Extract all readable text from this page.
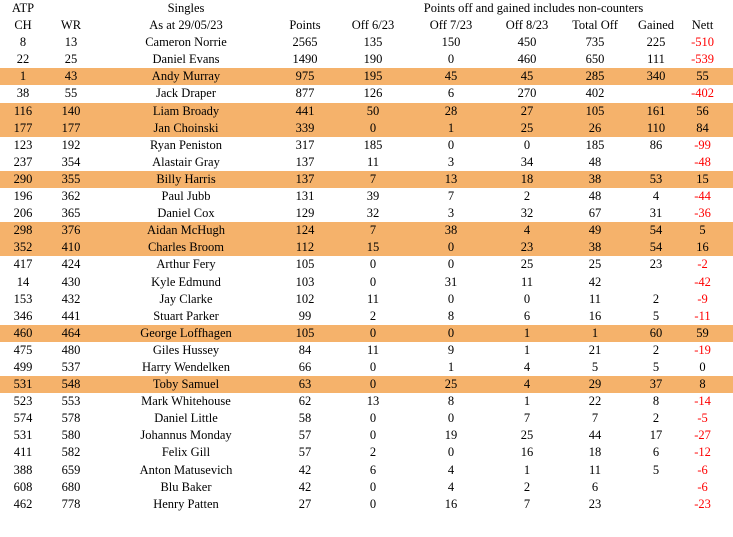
ATP		Singles		Points off and gained includes non-counters					
CH	WR	As at 29/05/23	Points	Off 6/23	Off 7/23	Off 8/23	Total Off	Gained	Nett
8	13	Cameron Norrie	2565	135	150	450	735	225	-510
22	25	Daniel Evans	1490	190	0	460	650	111	-539
1	43	Andy Murray	975	195	45	45	285	340	55
38	55	Jack Draper	877	126	6	270	402		-402
116	140	Liam Broady	441	50	28	27	105	161	56
177	177	Jan Choinski	339	0	1	25	26	110	84
123	192	Ryan Peniston	317	185	0	0	185	86	-99
237	354	Alastair Gray	137	11	3	34	48		-48
290	355	Billy Harris	137	7	13	18	38	53	15
196	362	Paul Jubb	131	39	7	2	48	4	-44
206	365	Daniel Cox	129	32	3	32	67	31	-36
298	376	Aidan McHugh	124	7	38	4	49	54	5
352	410	Charles Broom	112	15	0	23	38	54	16
417	424	Arthur Fery	105	0	0	25	25	23	-2
14	430	Kyle Edmund	103	0	31	11	42		-42
153	432	Jay Clarke	102	11	0	0	11	2	-9
346	441	Stuart Parker	99	2	8	6	16	5	-11
460	464	George Loffhagen	105	0	0	1	1	60	59
475	480	Giles Hussey	84	11	9	1	21	2	-19
499	537	Harry Wendelken	66	0	1	4	5	5	0
531	548	Toby Samuel	63	0	25	4	29	37	8
523	553	Mark Whitehouse	62	13	8	1	22	8	-14
574	578	Daniel Little	58	0	0	7	7	2	-5
531	580	Johannus Monday	57	0	19	25	44	17	-27
411	582	Felix Gill	57	2	0	16	18	6	-12
388	659	Anton Matusevich	42	6	4	1	11	5	-6
608	680	Blu Baker	42	0	4	2	6		-6
462	778	Henry Patten	27	0	16	7	23		-23
